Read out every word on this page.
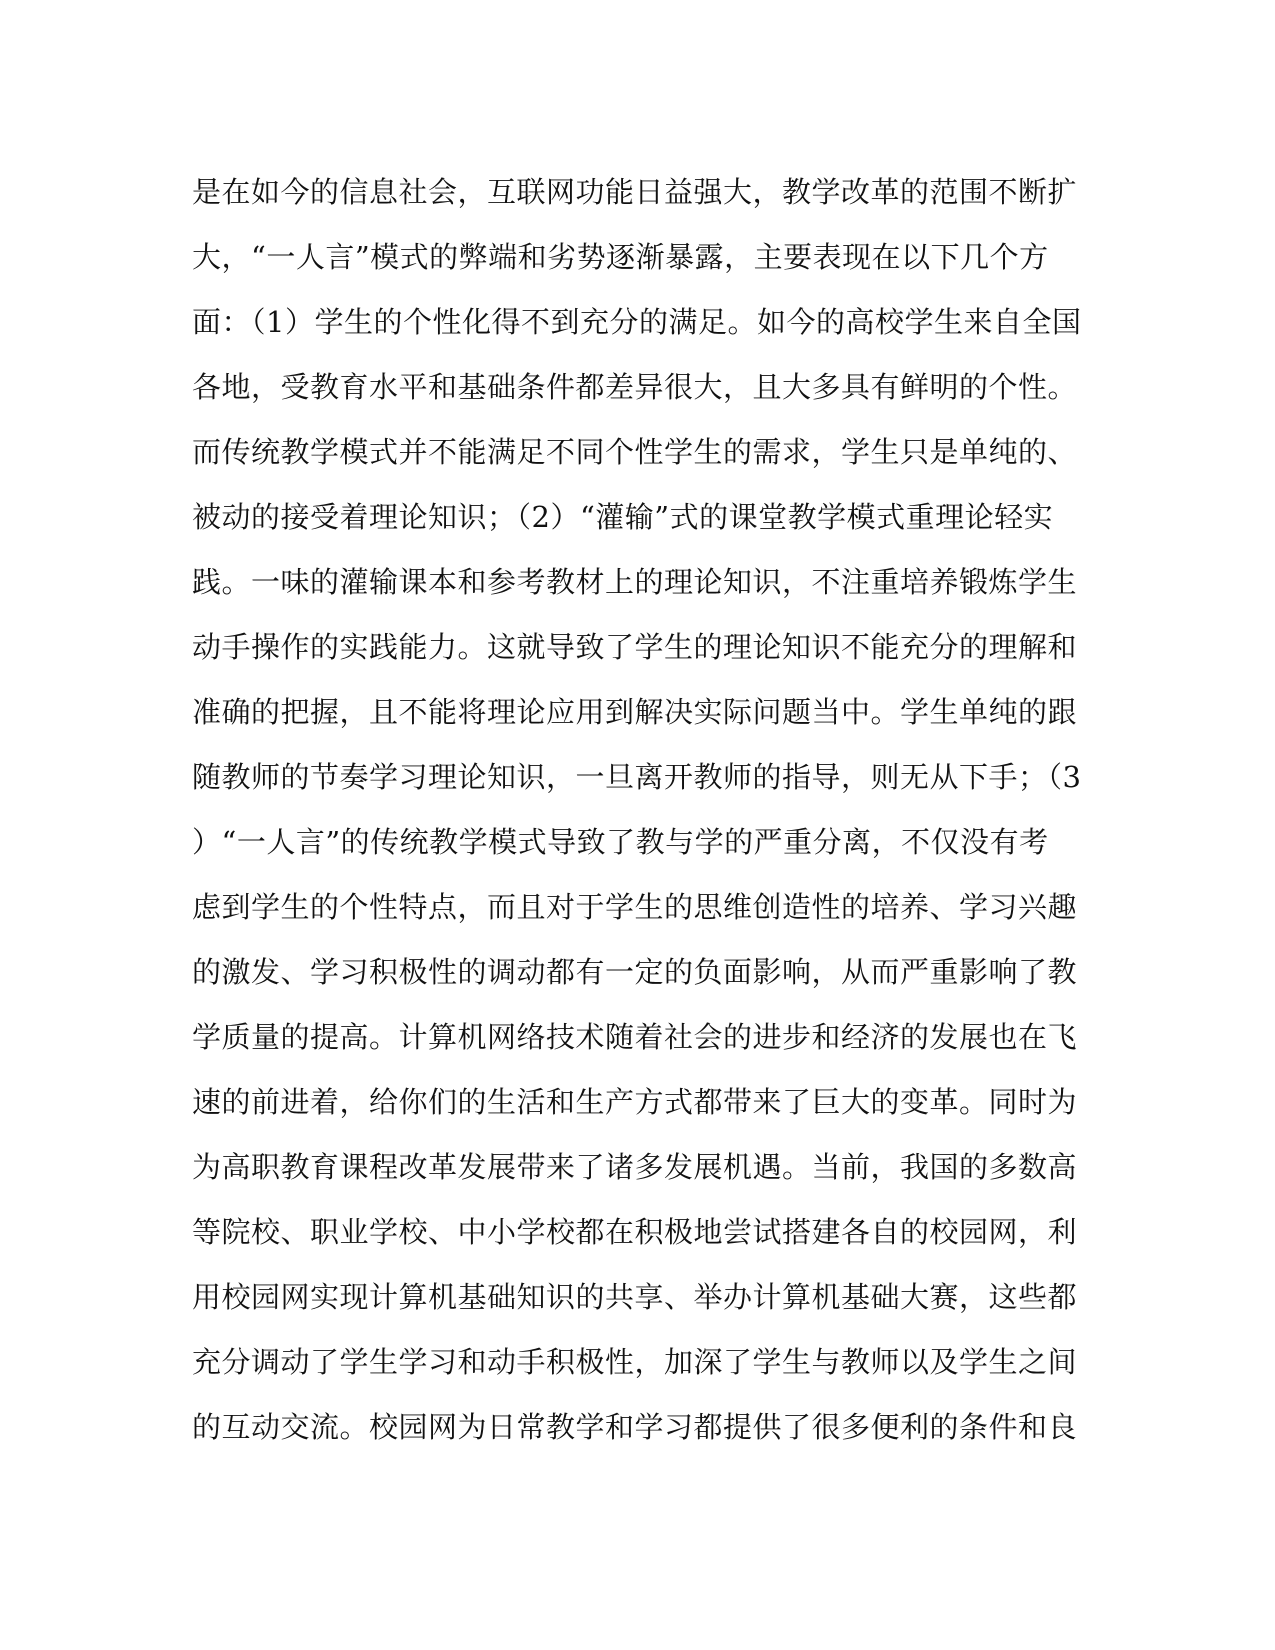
是在如今的信息社会，互联网功能日益强大，教学改革的范围不断扩
大，“一人言”模式的弊端和劣势逐渐暴露，主要表现在以下几个方
面：（1）学生的个性化得不到充分的满足。如今的高校学生来自全国
各地，受教育水平和基础条件都差异很大，且大多具有鲜明的个性。
而传统教学模式并不能满足不同个性学生的需求，学生只是单纯的、
被动的接受着理论知识；（2）“灌输”式的课堂教学模式重理论轻实
践。一味的灌输课本和参考教材上的理论知识，不注重培养锻炼学生
动手操作的实践能力。这就导致了学生的理论知识不能充分的理解和
准确的把握，且不能将理论应用到解决实际问题当中。学生单纯的跟
随教师的节奏学习理论知识，一旦离开教师的指导，则无从下手；（3
）“一人言”的传统教学模式导致了教与学的严重分离，不仅没有考
虑到学生的个性特点，而且对于学生的思维创造性的培养、学习兴趣
的激发、学习积极性的调动都有一定的负面影响，从而严重影响了教
学质量的提高。计算机网络技术随着社会的进步和经济的发展也在飞
速的前进着，给你们的生活和生产方式都带来了巨大的变革。同时为
为高职教育课程改革发展带来了诸多发展机遇。当前，我国的多数高
等院校、职业学校、中小学校都在积极地尝试搭建各自的校园网，利
用校园网实现计算机基础知识的共享、举办计算机基础大赛，这些都
充分调动了学生学习和动手积极性，加深了学生与教师以及学生之间
的互动交流。校园网为日常教学和学习都提供了很多便利的条件和良
